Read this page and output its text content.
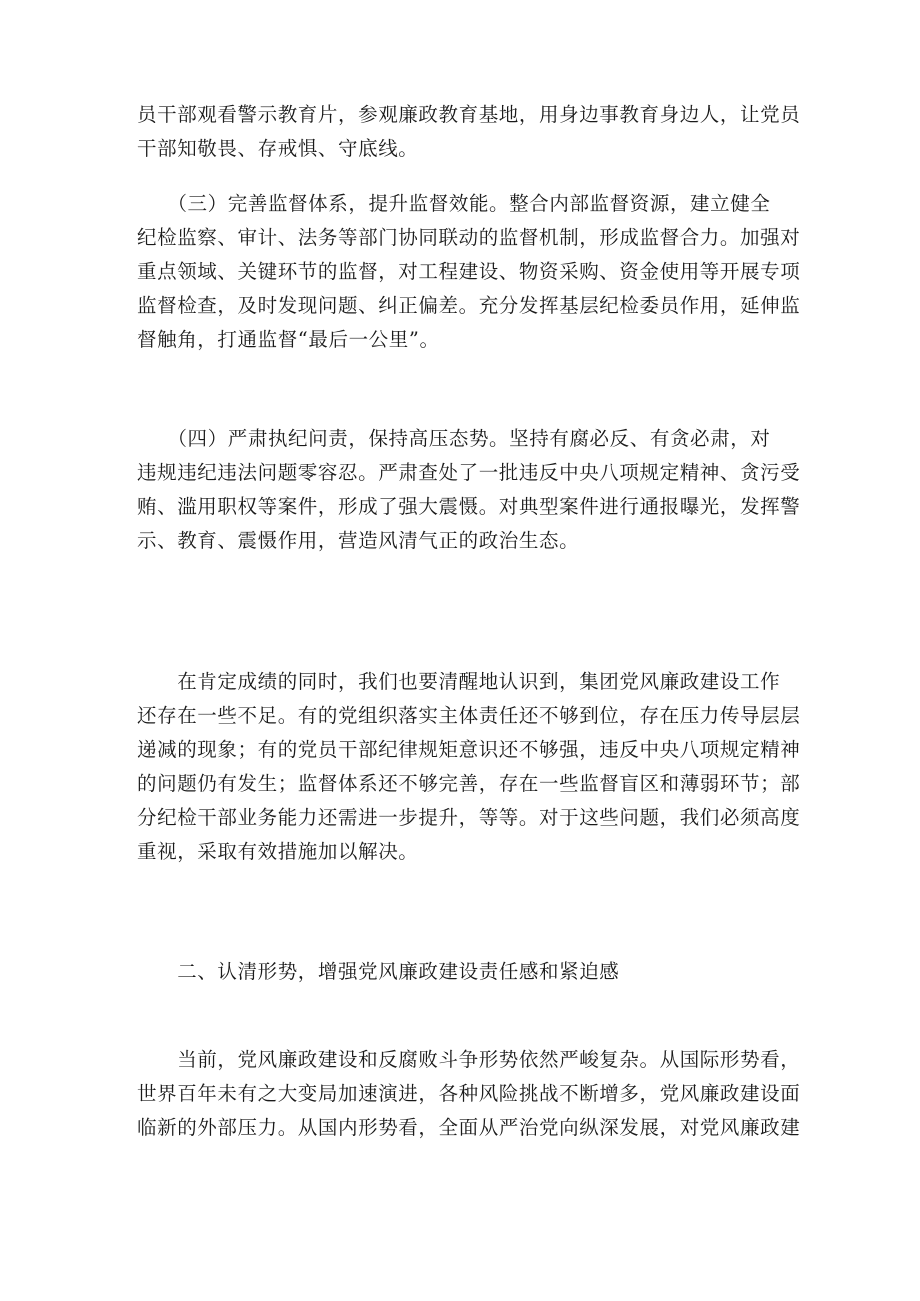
员干部观看警示教育片，参观廉政教育基地，用身边事教育身边人，让党员
干部知敬畏、存戒惧、守底线。
　　（三）完善监督体系，提升监督效能。整合内部监督资源，建立健全
纪检监察、审计、法务等部门协同联动的监督机制，形成监督合力。加强对
重点领域、关键环节的监督，对工程建设、物资采购、资金使用等开展专项
监督检查，及时发现问题、纠正偏差。充分发挥基层纪检委员作用，延伸监
督触角，打通监督“最后一公里”。
　　（四）严肃执纪问责，保持高压态势。坚持有腐必反、有贪必肃，对
违规违纪违法问题零容忍。严肃查处了一批违反中央八项规定精神、贪污受
贿、滥用职权等案件，形成了强大震慑。对典型案件进行通报曝光，发挥警
示、教育、震慑作用，营造风清气正的政治生态。
　　在肯定成绩的同时，我们也要清醒地认识到，集团党风廉政建设工作
还存在一些不足。有的党组织落实主体责任还不够到位，存在压力传导层层
递减的现象；有的党员干部纪律规矩意识还不够强，违反中央八项规定精神
的问题仍有发生；监督体系还不够完善，存在一些监督盲区和薄弱环节；部
分纪检干部业务能力还需进一步提升，等等。对于这些问题，我们必须高度
重视，采取有效措施加以解决。
　　二、认清形势，增强党风廉政建设责任感和紧迫感
　　当前，党风廉政建设和反腐败斗争形势依然严峻复杂。从国际形势看，
世界百年未有之大变局加速演进，各种风险挑战不断增多，党风廉政建设面
临新的外部压力。从国内形势看，全面从严治党向纵深发展，对党风廉政建
